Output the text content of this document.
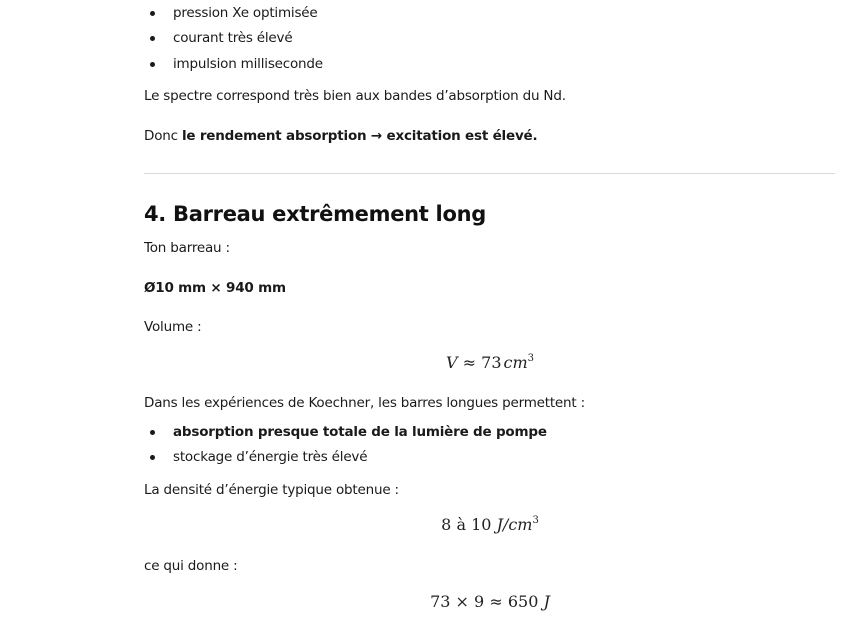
pression Xe optimisée
courant très élevé
impulsion milliseconde
Le spectre correspond très bien aux bandes d’absorption du Nd.
Donc le rendement absorption → excitation est élevé.
4. Barreau extrêmement long
Ton barreau :
Ø10 mm × 940 mm
Volume :
V ≈ 73 $cm^3$
Dans les expériences de Koechner, les barres longues permettent :
absorption presque totale de la lumière de pompe
stockage d’énergie très élevé
La densité d’énergie typique obtenue :
8 à 10 $J/cm^3$
ce qui donne :
73 × 9 ≈ 650 J
